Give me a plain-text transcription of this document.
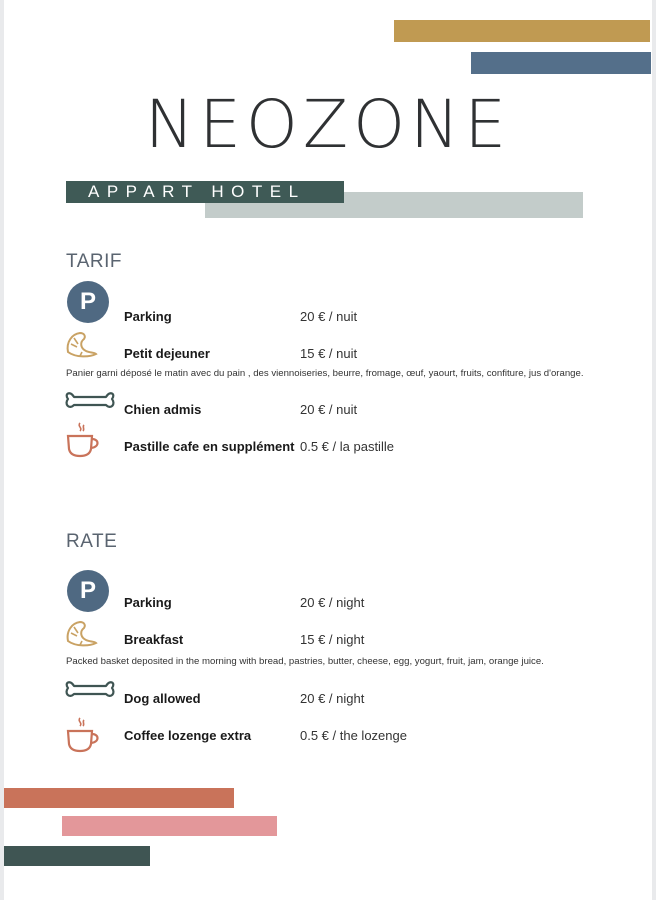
NEOZONE
APPART HOTEL
TARIF
P
Parking	20 € / nuit
Petit dejeuner	15 € / nuit
Panier garni déposé le matin avec du pain , des viennoiseries, beurre, fromage, œuf, yaourt, fruits, confiture, jus d'orange.
Chien admis	20 € / nuit
Pastille cafe en supplément 0.5 € / la pastille
RATE
P	Parking	20 € / night
Breakfast	15 € / night
Packed basket deposited in the morning with bread, pastries, butter, cheese, egg, yogurt, fruit, jam, orange juice.
Dog allowed	20 € / night
Coffee lozenge extra	0.5 € / the lozenge
